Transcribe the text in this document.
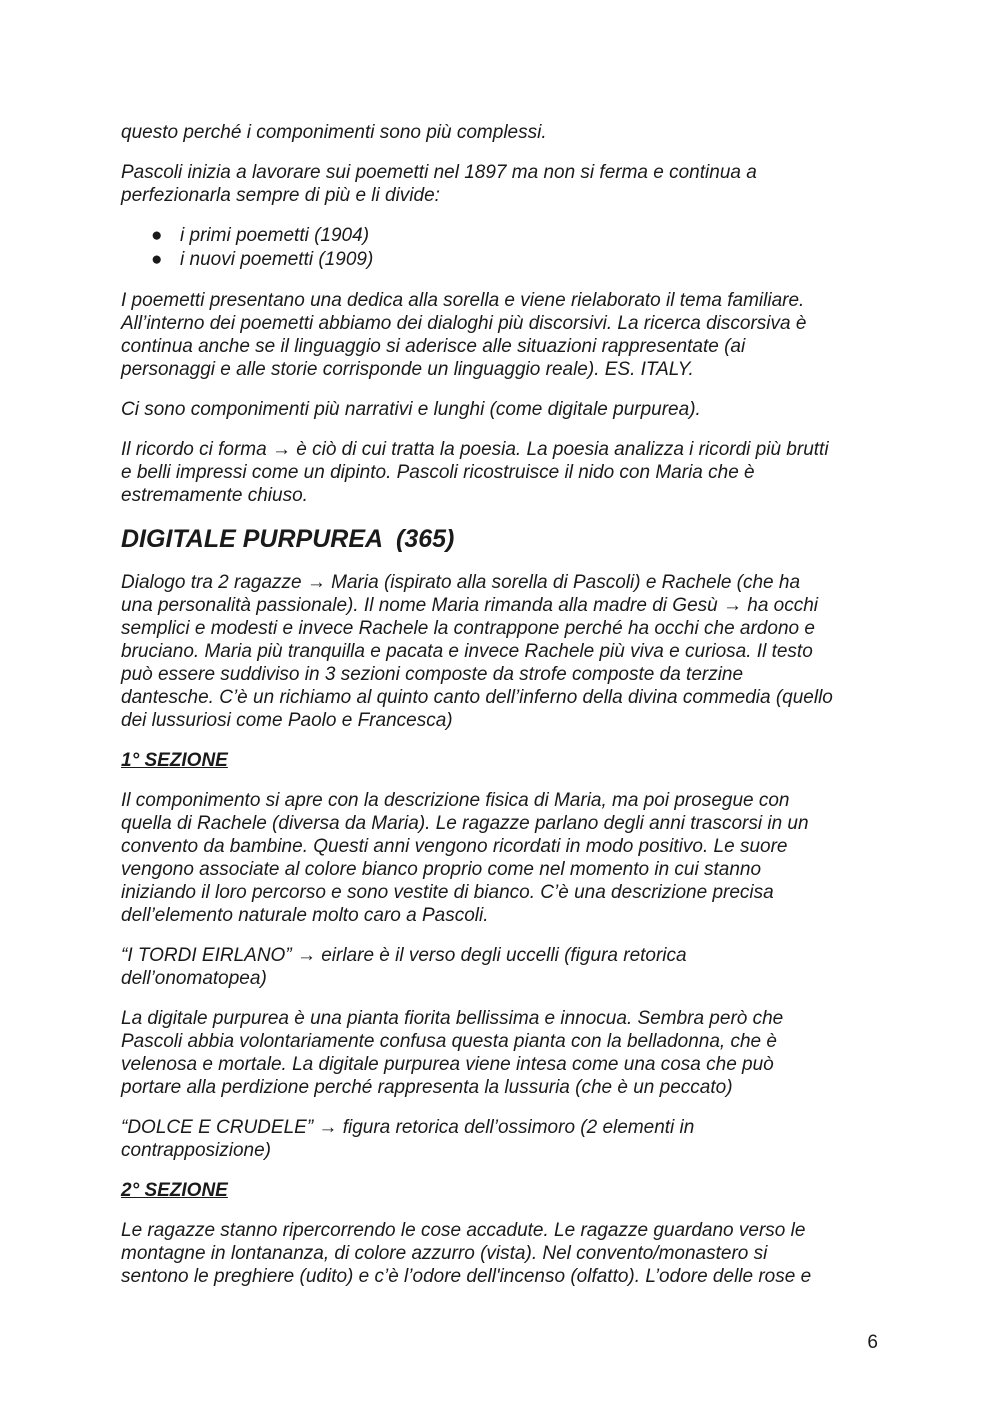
questo perché i componimenti sono più complessi.

Pascoli inizia a lavorare sui poemetti nel 1897 ma non si ferma e continua a
perfezionarla sempre di più e li divide:

● i primi poemetti (1904)
● i nuovi poemetti (1909)

I poemetti presentano una dedica alla sorella e viene rielaborato il tema familiare.
All’interno dei poemetti abbiamo dei dialoghi più discorsivi. La ricerca discorsiva è
continua anche se il linguaggio si aderisce alle situazioni rappresentate (ai
personaggi e alle storie corrisponde un linguaggio reale). ES. ITALY.

Ci sono componimenti più narrativi e lunghi (come digitale purpurea).

Il ricordo ci forma → è ciò di cui tratta la poesia. La poesia analizza i ricordi più brutti
e belli impressi come un dipinto. Pascoli ricostruisce il nido con Maria che è
estremamente chiuso.

DIGITALE PURPUREA  (365)

Dialogo tra 2 ragazze → Maria (ispirato alla sorella di Pascoli) e Rachele (che ha
una personalità passionale). Il nome Maria rimanda alla madre di Gesù → ha occhi
semplici e modesti e invece Rachele la contrappone perché ha occhi che ardono e
bruciano. Maria più tranquilla e pacata e invece Rachele più viva e curiosa. Il testo
può essere suddiviso in 3 sezioni composte da strofe composte da terzine
dantesche. C’è un richiamo al quinto canto dell’inferno della divina commedia (quello
dei lussuriosi come Paolo e Francesca)

1° SEZIONE

Il componimento si apre con la descrizione fisica di Maria, ma poi prosegue con
quella di Rachele (diversa da Maria). Le ragazze parlano degli anni trascorsi in un
convento da bambine. Questi anni vengono ricordati in modo positivo. Le suore
vengono associate al colore bianco proprio come nel momento in cui stanno
iniziando il loro percorso e sono vestite di bianco. C’è una descrizione precisa
dell’elemento naturale molto caro a Pascoli.

“I TORDI EIRLANO” → eirlare è il verso degli uccelli (figura retorica
dell’onomatopea)

La digitale purpurea è una pianta fiorita bellissima e innocua. Sembra però che
Pascoli abbia volontariamente confusa questa pianta con la belladonna, che è
velenosa e mortale. La digitale purpurea viene intesa come una cosa che può
portare alla perdizione perché rappresenta la lussuria (che è un peccato)

“DOLCE E CRUDELE” → figura retorica dell’ossimoro (2 elementi in
contrapposizione)

2° SEZIONE

Le ragazze stanno ripercorrendo le cose accadute. Le ragazze guardano verso le
montagne in lontananza, di colore azzurro (vista). Nel convento/monastero si
sentono le preghiere (udito) e c’è l’odore dell'incenso (olfatto). L’odore delle rose e

6
